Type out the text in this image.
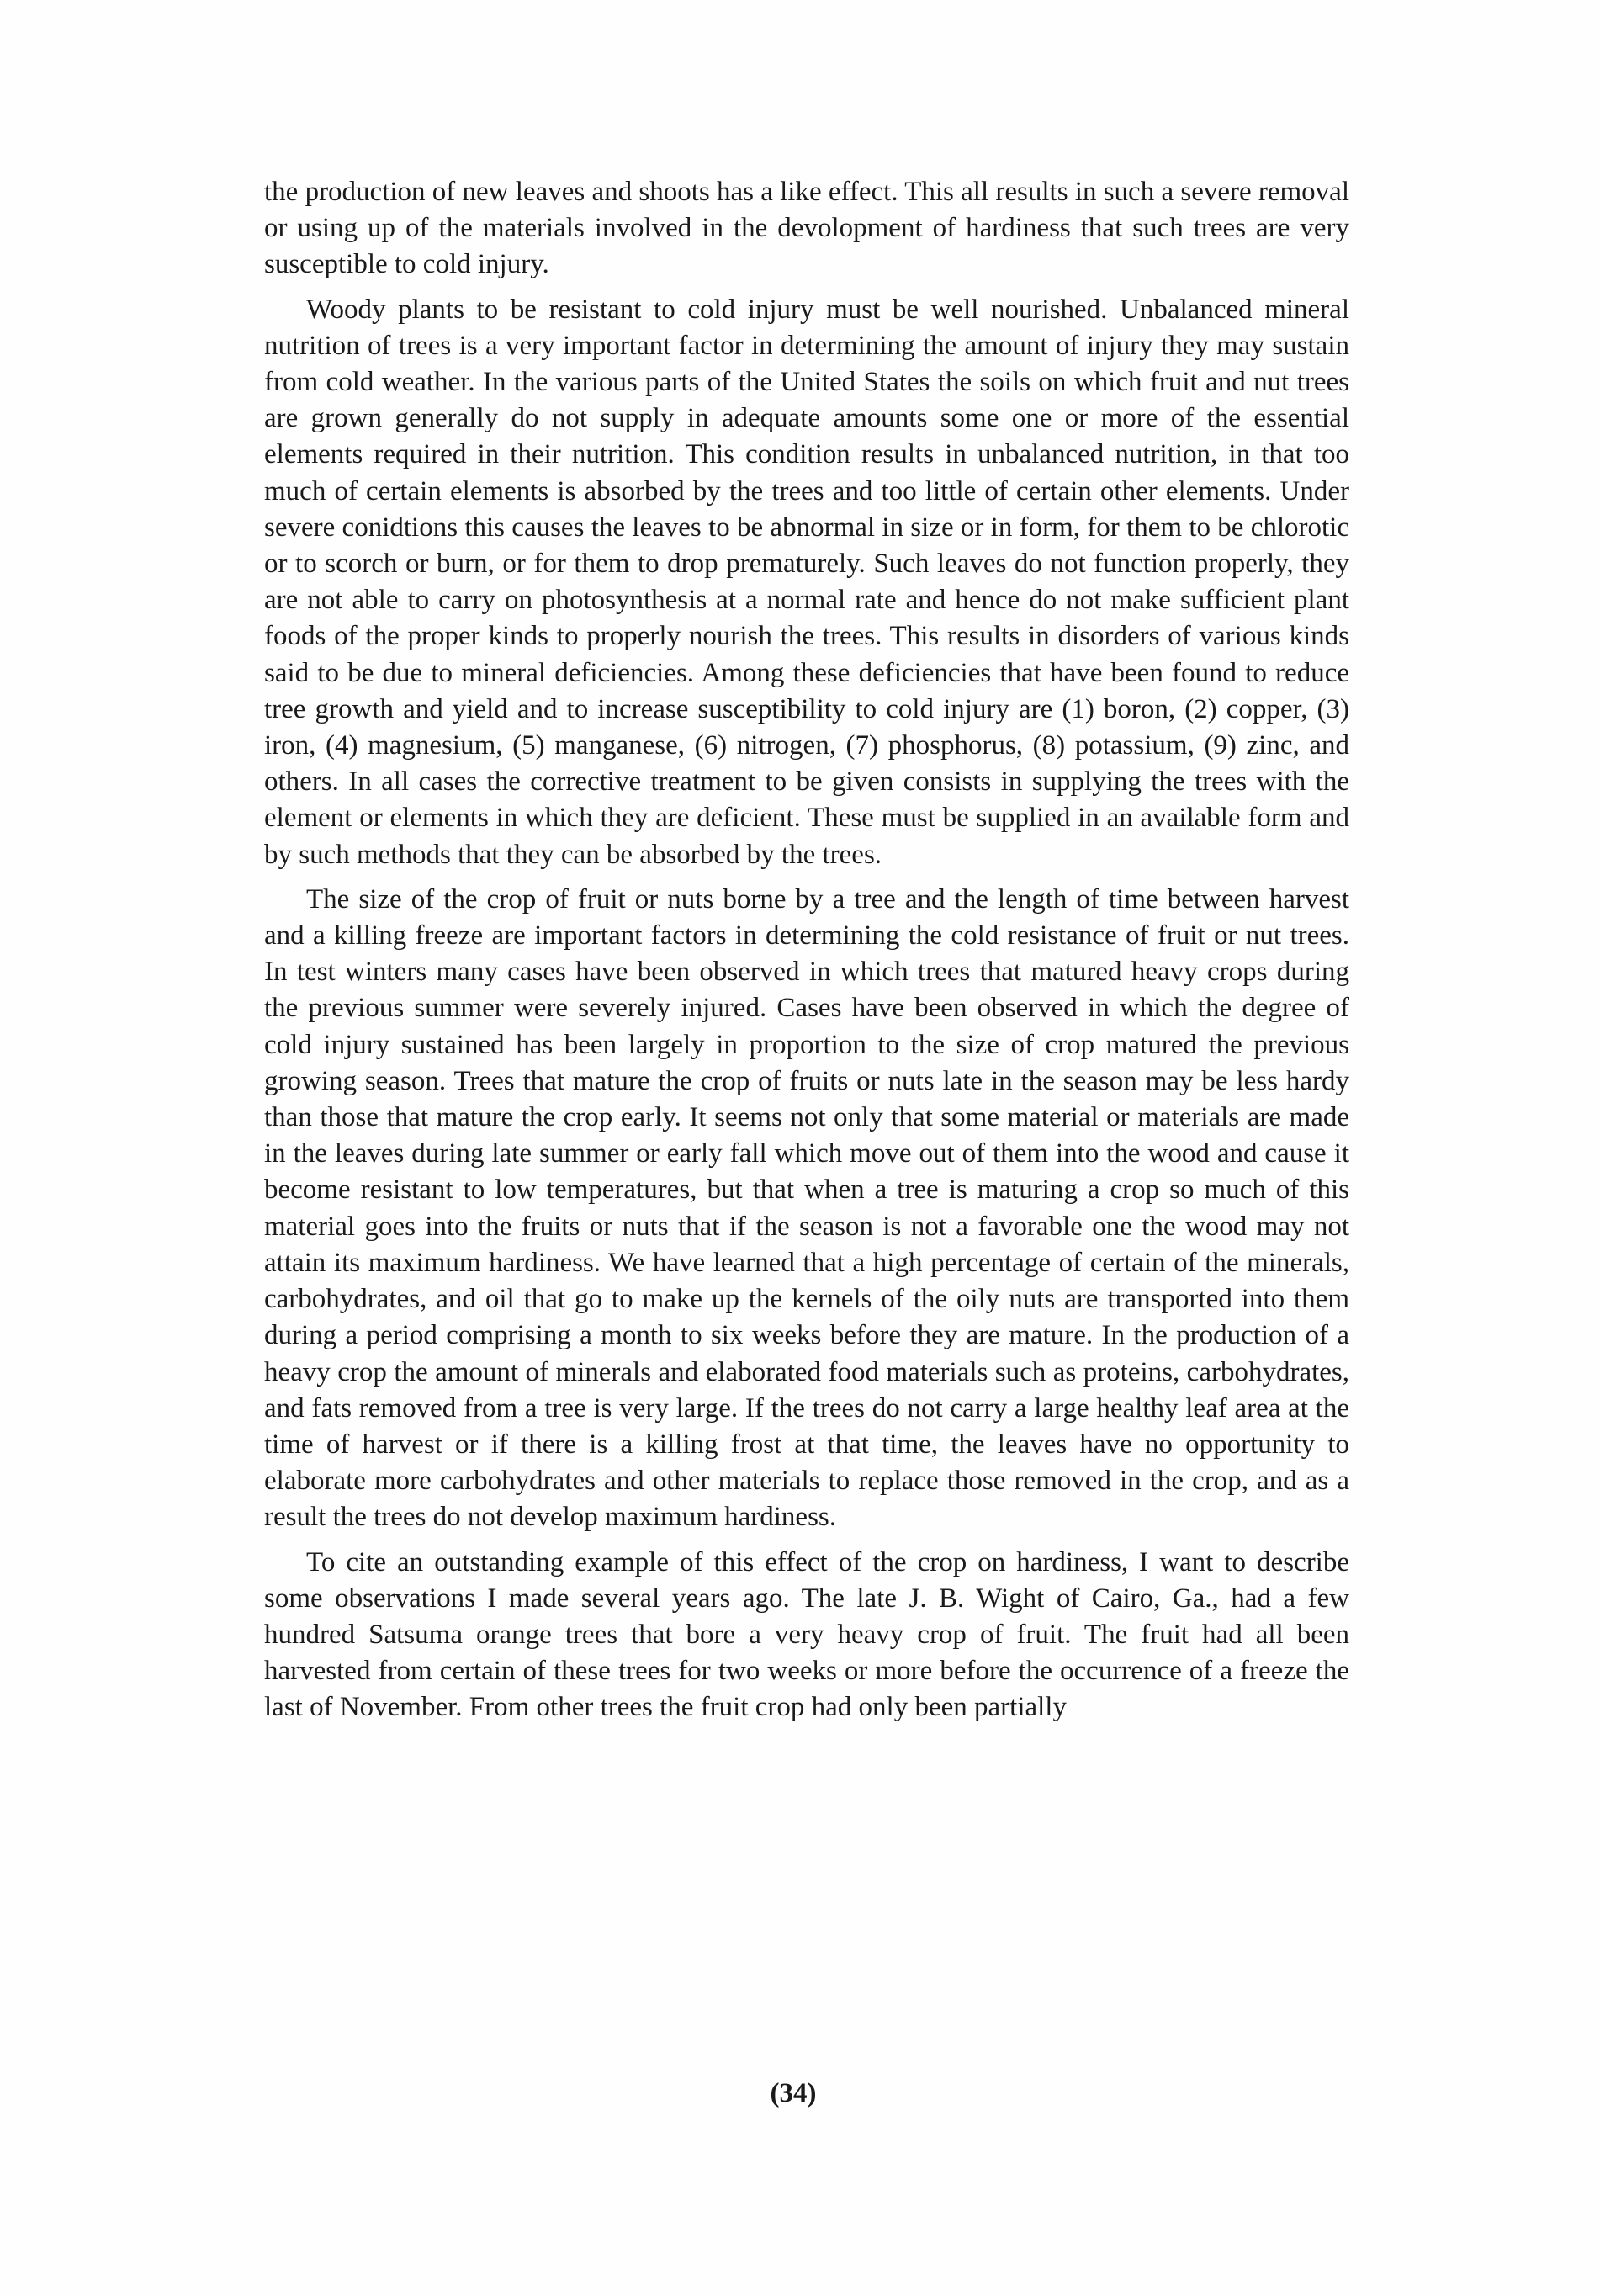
the production of new leaves and shoots has a like effect. This all results in such a severe removal or using up of the materials involved in the devolopment of hardiness that such trees are very susceptible to cold injury.

Woody plants to be resistant to cold injury must be well nourished. Unbalanced mineral nutrition of trees is a very important factor in determining the amount of injury they may sustain from cold weather. In the various parts of the United States the soils on which fruit and nut trees are grown generally do not supply in adequate amounts some one or more of the essential elements required in their nutrition. This condition results in unbalanced nutrition, in that too much of certain elements is absorbed by the trees and too little of certain other elements. Under severe conidtions this causes the leaves to be abnormal in size or in form, for them to be chlorotic or to scorch or burn, or for them to drop prematurely. Such leaves do not function properly, they are not able to carry on photosynthesis at a normal rate and hence do not make sufficient plant foods of the proper kinds to properly nourish the trees. This results in disorders of various kinds said to be due to mineral deficiencies. Among these deficiencies that have been found to reduce tree growth and yield and to increase susceptibility to cold injury are (1) boron, (2) copper, (3) iron, (4) magnesium, (5) manganese, (6) nitrogen, (7) phosphorus, (8) potassium, (9) zinc, and others. In all cases the corrective treatment to be given consists in supplying the trees with the element or elements in which they are deficient. These must be supplied in an available form and by such methods that they can be absorbed by the trees.

The size of the crop of fruit or nuts borne by a tree and the length of time between harvest and a killing freeze are important factors in determining the cold resistance of fruit or nut trees. In test winters many cases have been observed in which trees that matured heavy crops during the previous summer were severely injured. Cases have been observed in which the degree of cold injury sustained has been largely in proportion to the size of crop matured the previous growing season. Trees that mature the crop of fruits or nuts late in the season may be less hardy than those that mature the crop early. It seems not only that some material or materials are made in the leaves during late summer or early fall which move out of them into the wood and cause it become resistant to low temperatures, but that when a tree is maturing a crop so much of this material goes into the fruits or nuts that if the season is not a favorable one the wood may not attain its maximum hardiness. We have learned that a high percentage of certain of the minerals, carbohydrates, and oil that go to make up the kernels of the oily nuts are transported into them during a period comprising a month to six weeks before they are mature. In the production of a heavy crop the amount of minerals and elaborated food materials such as proteins, carbohydrates, and fats removed from a tree is very large. If the trees do not carry a large healthy leaf area at the time of harvest or if there is a killing frost at that time, the leaves have no opportunity to elaborate more carbohydrates and other materials to replace those removed in the crop, and as a result the trees do not develop maximum hardiness.

To cite an outstanding example of this effect of the crop on hardiness, I want to describe some observations I made several years ago. The late J. B. Wight of Cairo, Ga., had a few hundred Satsuma orange trees that bore a very heavy crop of fruit. The fruit had all been harvested from certain of these trees for two weeks or more before the occurrence of a freeze the last of November. From other trees the fruit crop had only been partially

(34)
